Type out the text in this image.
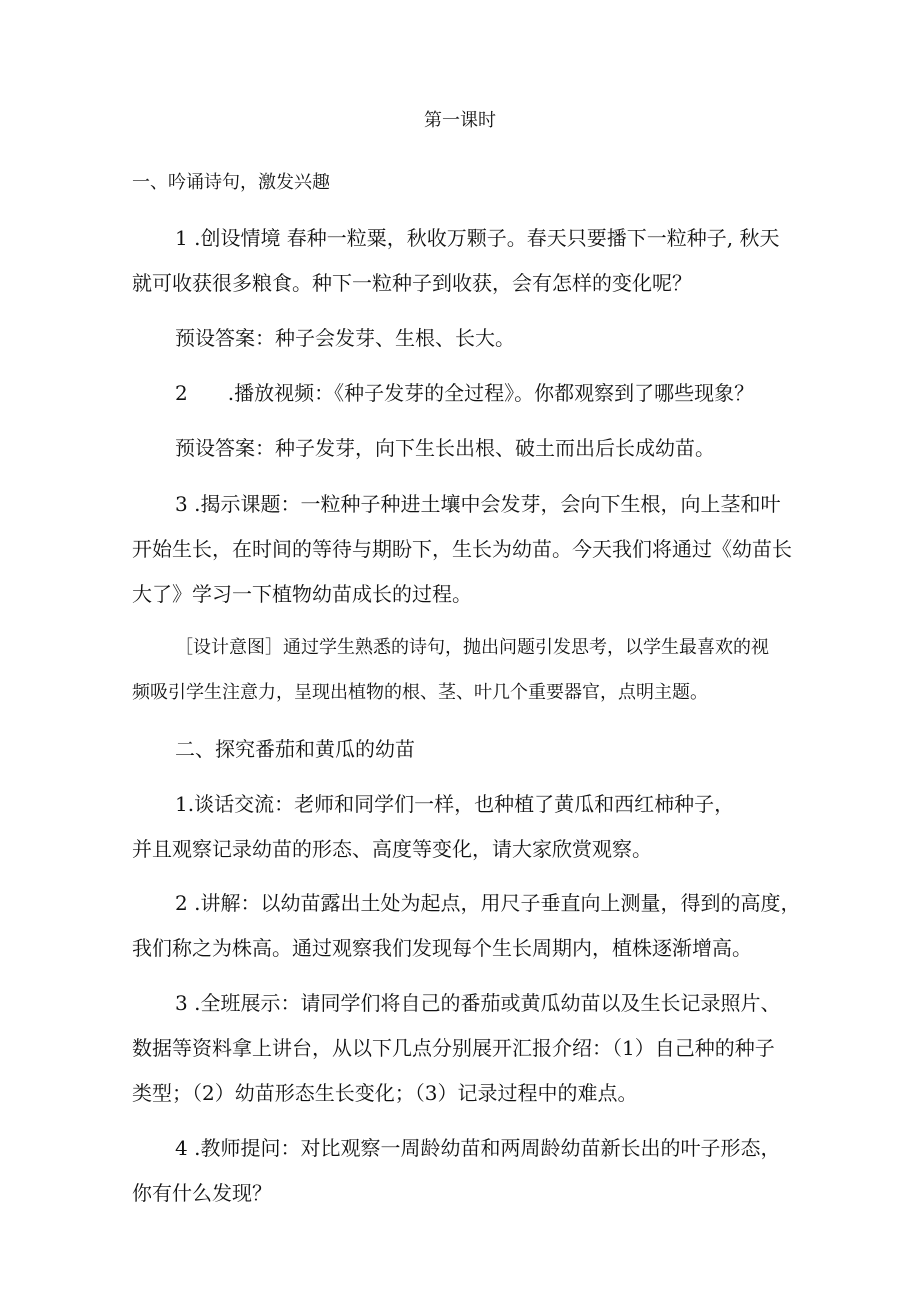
第一课时
一、吟诵诗句，激发兴趣
1 .创设情境 春种一粒粟，秋收万颗子。春天只要播下一粒种子, 秋天
就可收获很多粮食。种下一粒种子到收获，会有怎样的变化呢？
预设答案：种子会发芽、生根、长大。
2　　.播放视频：《种子发芽的全过程》。你都观察到了哪些现象？
预设答案：种子发芽，向下生长出根、破土而出后长成幼苗。
3 .揭示课题：一粒种子种进土壤中会发芽，会向下生根，向上茎和叶
开始生长，在时间的等待与期盼下，生长为幼苗。今天我们将通过《幼苗长
大了》学习一下植物幼苗成长的过程。
［设计意图］通过学生熟悉的诗句，抛出问题引发思考，以学生最喜欢的视
频吸引学生注意力，呈现出植物的根、茎、叶几个重要器官，点明主题。
二、探究番茄和黄瓜的幼苗
1.谈话交流：老师和同学们一样，也种植了黄瓜和西红柿种子，
并且观察记录幼苗的形态、高度等变化，请大家欣赏观察。
2 .讲解：以幼苗露出土处为起点，用尺子垂直向上测量，得到的高度，
我们称之为株高。通过观察我们发现每个生长周期内，植株逐渐增高。
3 .全班展示：请同学们将自己的番茄或黄瓜幼苗以及生长记录照片、
数据等资料拿上讲台，从以下几点分别展开汇报介绍：（1）自己种的种子
类型；（2）幼苗形态生长变化；（3）记录过程中的难点。
4 .教师提问：对比观察一周龄幼苗和两周龄幼苗新长出的叶子形态，
你有什么发现？
